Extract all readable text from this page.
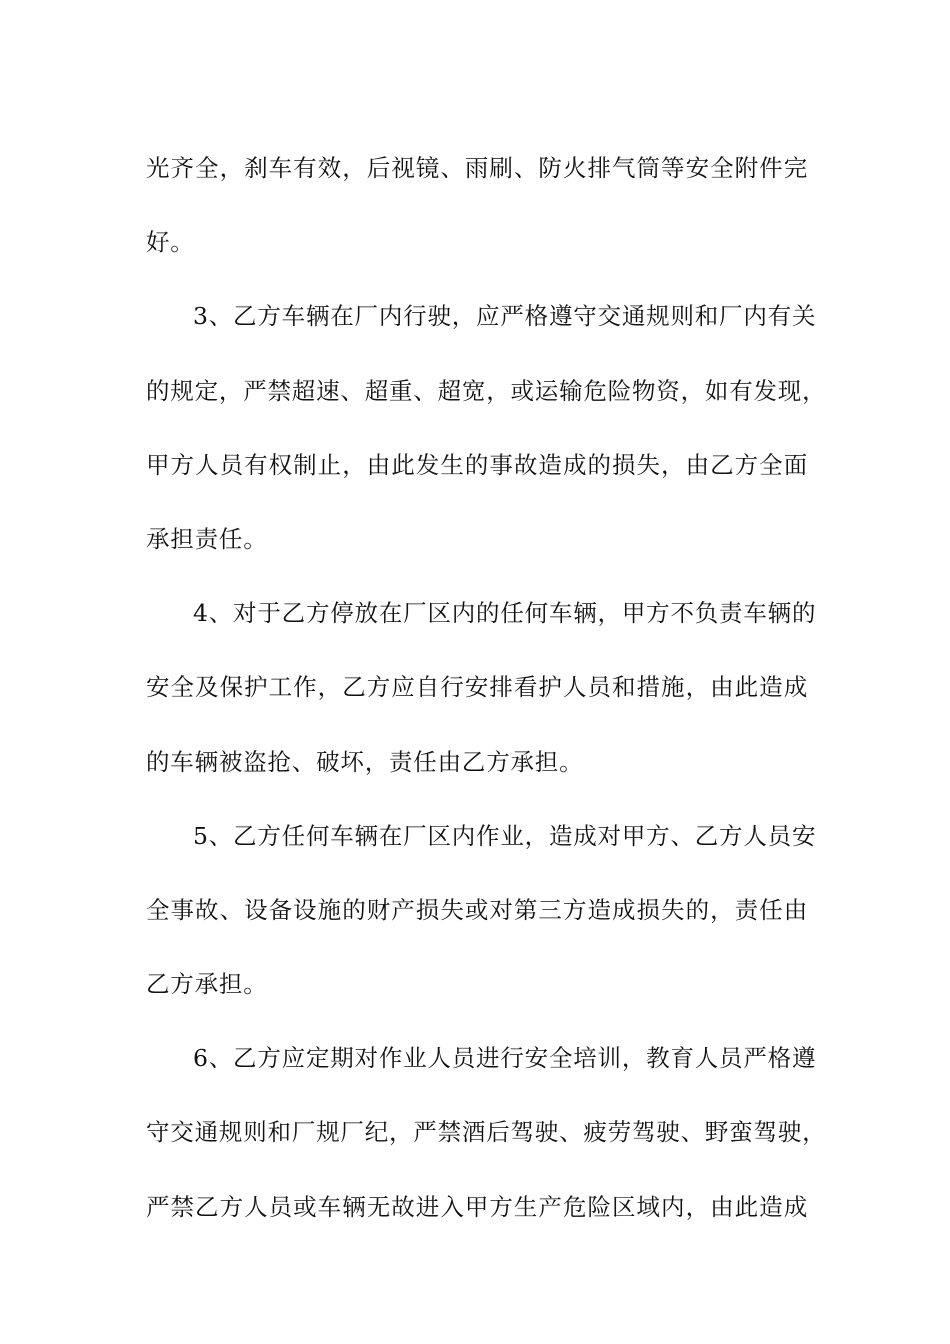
光齐全，刹车有效，后视镜、雨刷、防火排气筒等安全附件完
好。
3、乙方车辆在厂内行驶，应严格遵守交通规则和厂内有关
的规定，严禁超速、超重、超宽，或运输危险物资，如有发现，
甲方人员有权制止，由此发生的事故造成的损失，由乙方全面
承担责任。
4、对于乙方停放在厂区内的任何车辆，甲方不负责车辆的
安全及保护工作，乙方应自行安排看护人员和措施，由此造成
的车辆被盗抢、破坏，责任由乙方承担。
5、乙方任何车辆在厂区内作业，造成对甲方、乙方人员安
全事故、设备设施的财产损失或对第三方造成损失的，责任由
乙方承担。
6、乙方应定期对作业人员进行安全培训，教育人员严格遵
守交通规则和厂规厂纪，严禁酒后驾驶、疲劳驾驶、野蛮驾驶，
严禁乙方人员或车辆无故进入甲方生产危险区域内，由此造成
